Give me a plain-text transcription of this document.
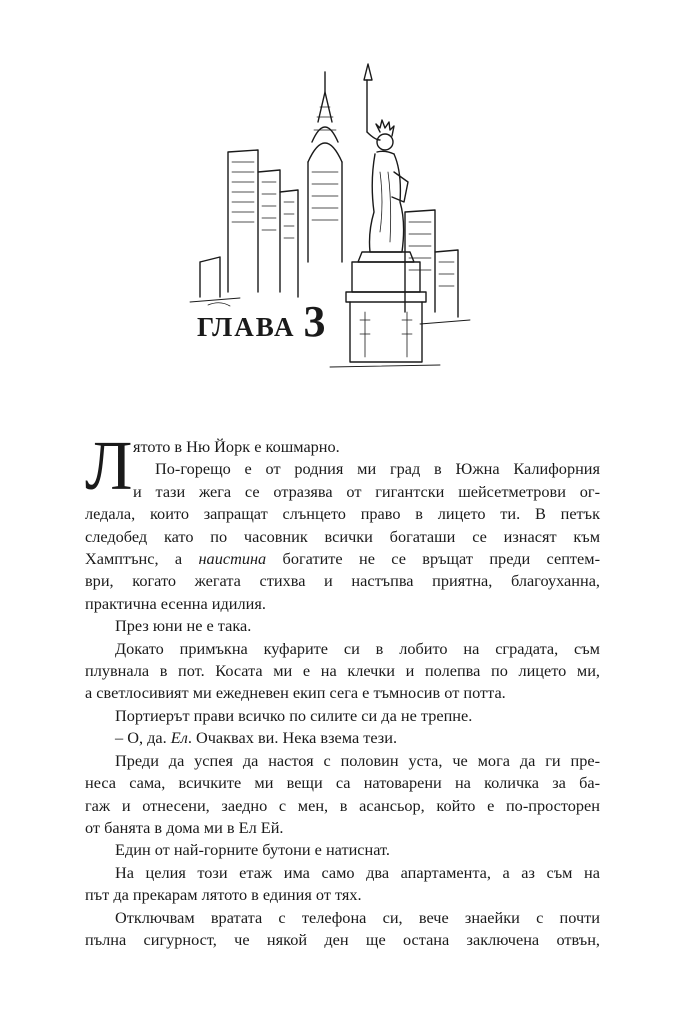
ГЛАВА 3
Л ятото в Ню Йорк е кошмарно.
По-горещо е от родния ми град в Южна Калифорния
и тази жега се отразява от гигантски шейсетметрови ог-
ледала, които запращат слънцето право в лицето ти. В петък
следобед като по часовник всички богаташи се изнасят към
Хамптънс, а наистина богатите не се връщат преди септем-
ври, когато жегата стихва и настъпва приятна, благоуханна,
практична есенна идилия.
През юни не е така.
Докато примъкна куфарите си в лобито на сградата, съм
плувнала в пот. Косата ми е на клечки и полепва по лицето ми,
а светлосивият ми ежедневен екип сега е тъмносив от потта.
Портиерът прави всичко по силите си да не трепне.
– О, да. Ел. Очаквах ви. Нека взема тези.
Преди да успея да настоя с половин уста, че мога да ги пре-
неса сама, всичките ми вещи са натоварени на количка за ба-
гаж и отнесени, заедно с мен, в асансьор, който е по-просторен
от банята в дома ми в Ел Ей.
Един от най-горните бутони е натиснат.
На целия този етаж има само два апартамента, а аз съм на
път да прекарам лятото в единия от тях.
Отключвам вратата с телефона си, вече знаейки с почти
пълна сигурност, че някой ден ще остана заключена отвън,
